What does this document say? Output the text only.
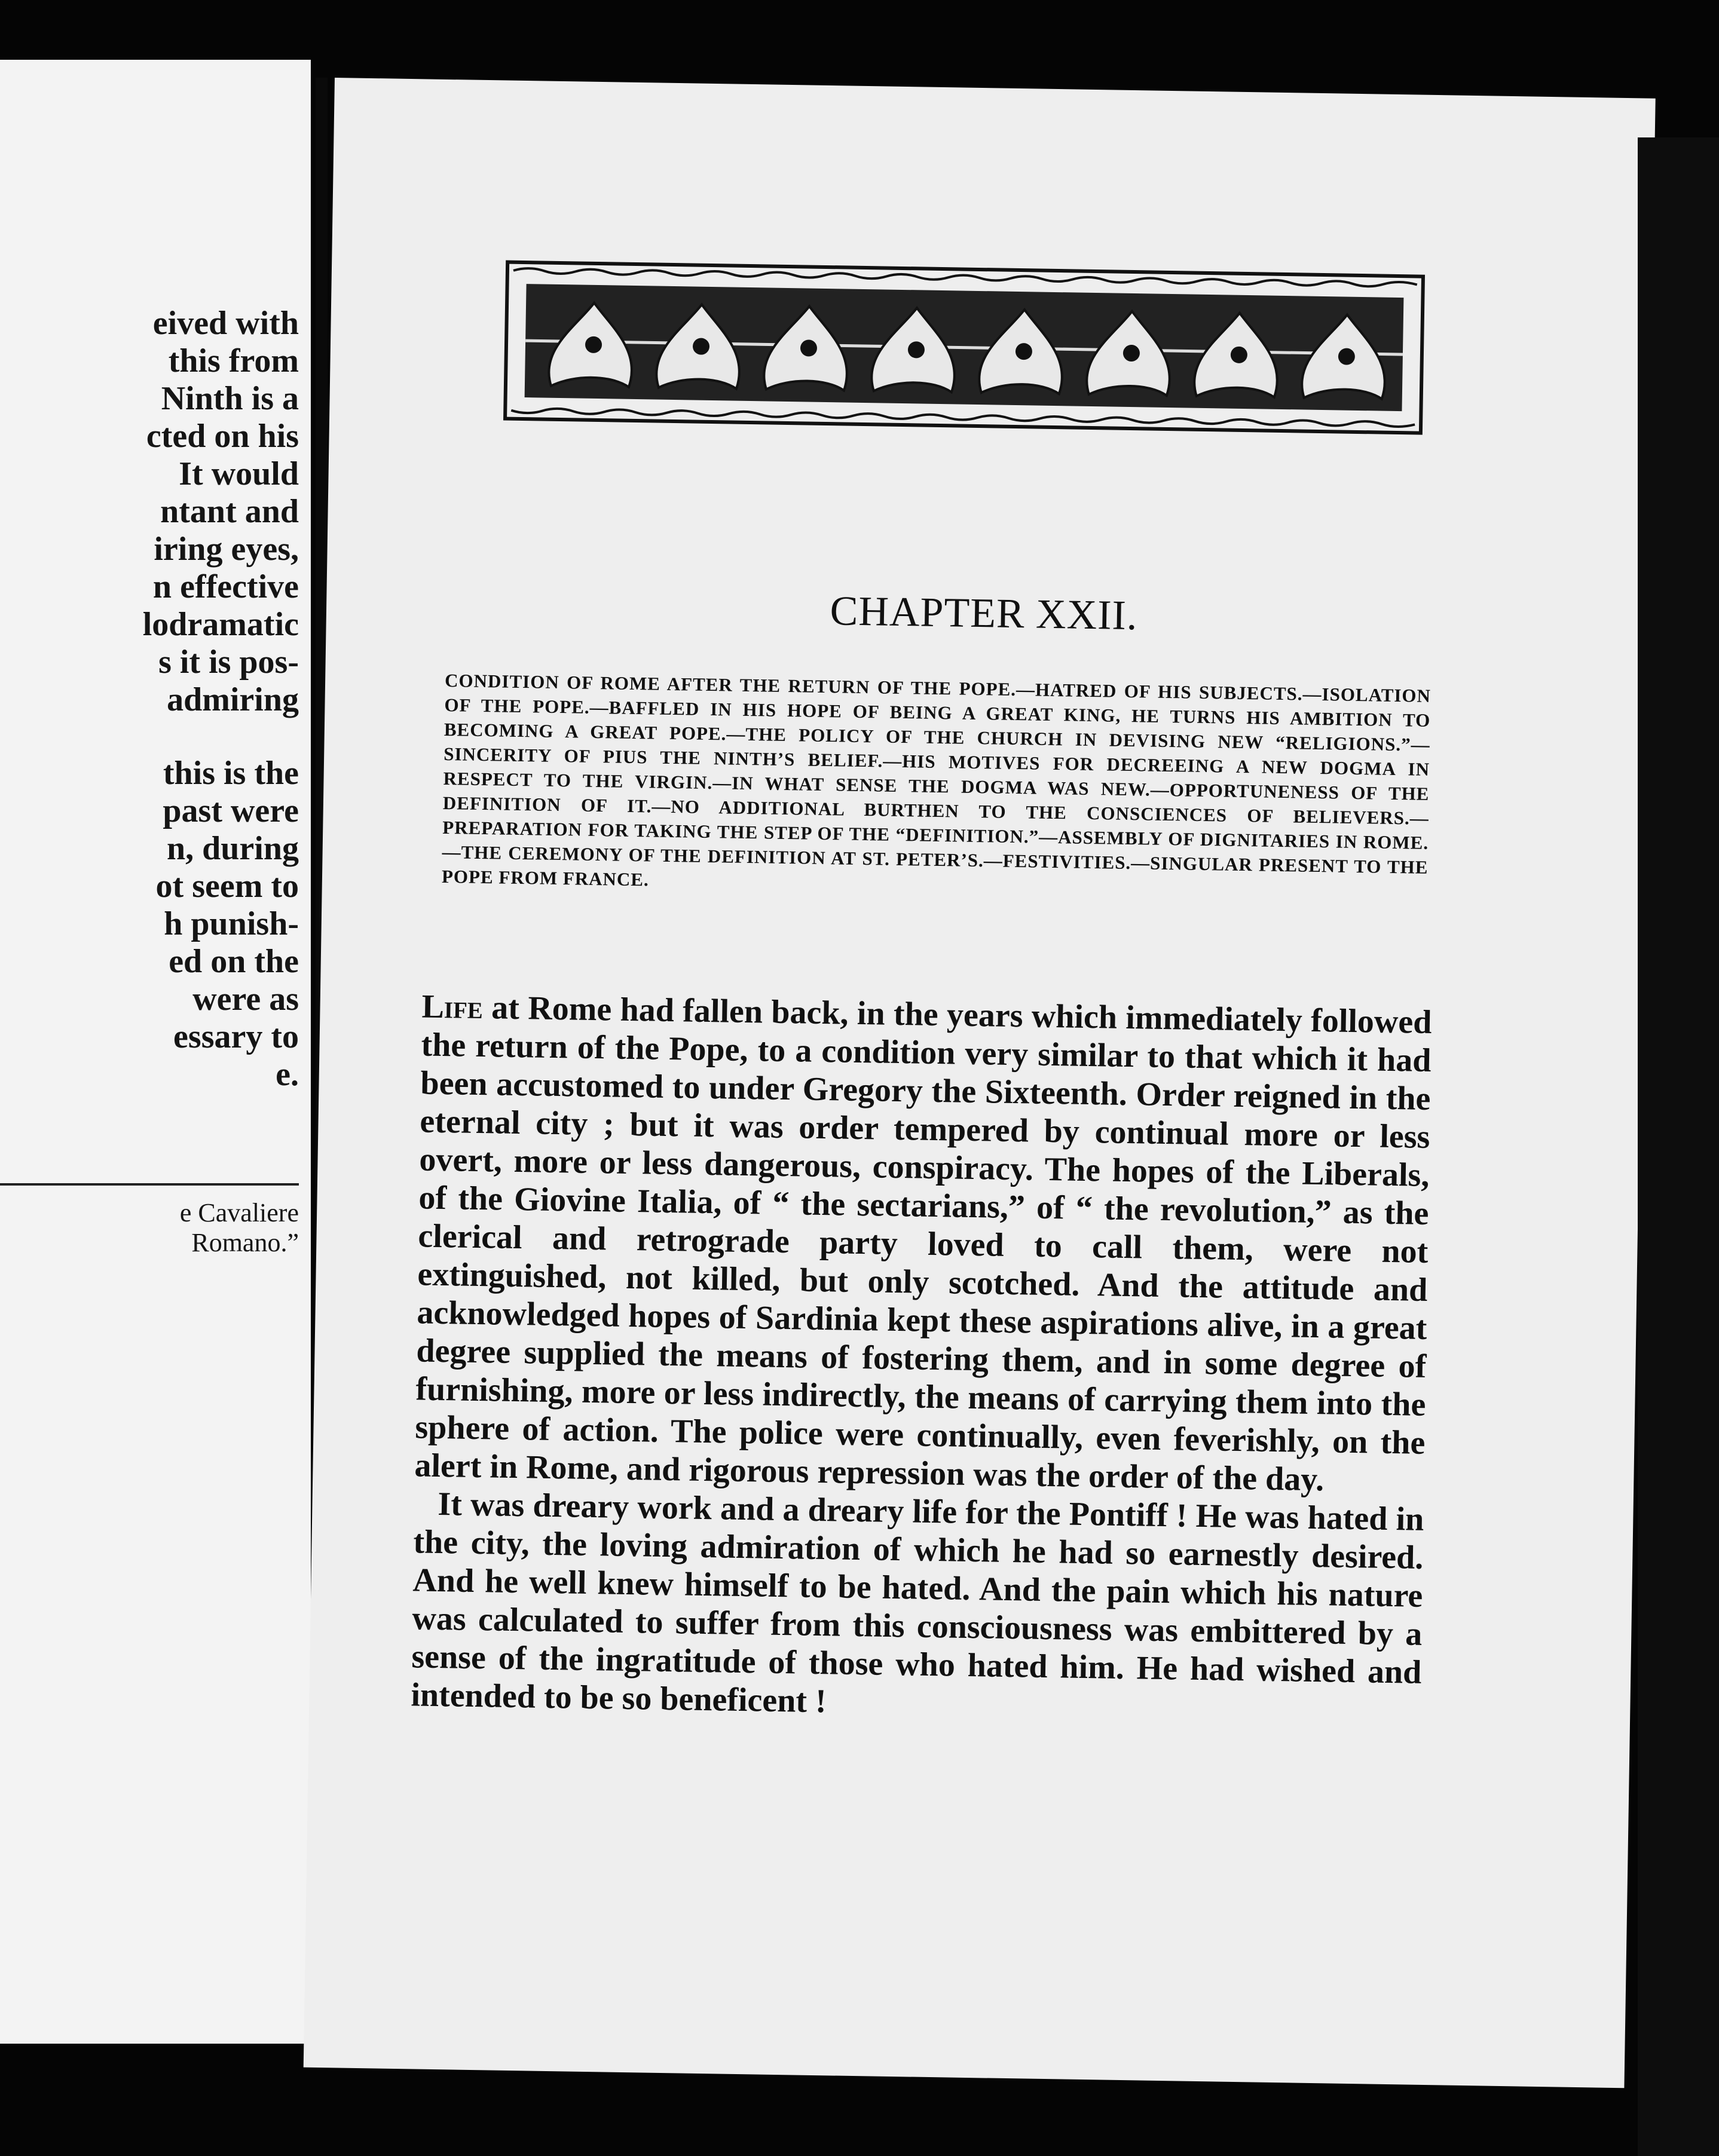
eived with
this from
Ninth is a
cted on his
It would
ntant and
iring eyes,
n effective
lodramatic
s it is pos-
admiring
this is the
past were
n, during
ot seem to
h punish-
ed on the
were as
essary to
e.
e Cavaliere
Romano.”
CHAPTER XXII.
CONDITION OF ROME AFTER THE RETURN OF THE POPE.—HATRED OF HIS SUBJECTS.—ISOLATION OF THE POPE.—BAFFLED IN HIS HOPE OF BEING A GREAT KING, HE TURNS HIS AMBITION TO BECOMING A GREAT POPE.—THE POLICY OF THE CHURCH IN DEVISING NEW “RELIGIONS.”—SINCERITY OF PIUS THE NINTH’S BELIEF.—HIS MOTIVES FOR DECREEING A NEW DOGMA IN RESPECT TO THE VIRGIN.—IN WHAT SENSE THE DOGMA WAS NEW.—OPPORTUNENESS OF THE DEFINITION OF IT.—NO ADDITIONAL BURTHEN TO THE CONSCIENCES OF BELIEVERS.—PREPARATION FOR TAKING THE STEP OF THE “DEFINITION.”—ASSEMBLY OF DIGNITARIES IN ROME.—THE CEREMONY OF THE DEFINITION AT ST. PETER’S.—FESTIVITIES.—SINGULAR PRESENT TO THE POPE FROM FRANCE.

Life at Rome had fallen back, in the years which immediately followed the return of the Pope, to a condition very similar to that which it had been accustomed to under Gregory the Sixteenth. Order reigned in the eternal city ; but it was order tempered by continual more or less overt, more or less dangerous, conspiracy. The hopes of the Liberals, of the Giovine Italia, of “ the sectarians,” of “ the revolution,” as the clerical and retrograde party loved to call them, were not extinguished, not killed, but only scotched. And the attitude and acknowledged hopes of Sardinia kept these aspirations alive, in a great degree supplied the means of fostering them, and in some degree of furnishing, more or less indirectly, the means of carrying them into the sphere of action. The police were continually, even feverishly, on the alert in Rome, and rigorous repression was the order of the day.

It was dreary work and a dreary life for the Pontiff ! He was hated in the city, the loving admiration of which he had so earnestly desired. And he well knew himself to be hated. And the pain which his nature was calculated to suffer from this consciousness was embittered by a sense of the ingratitude of those who hated him. He had wished and intended to be so beneficent !
